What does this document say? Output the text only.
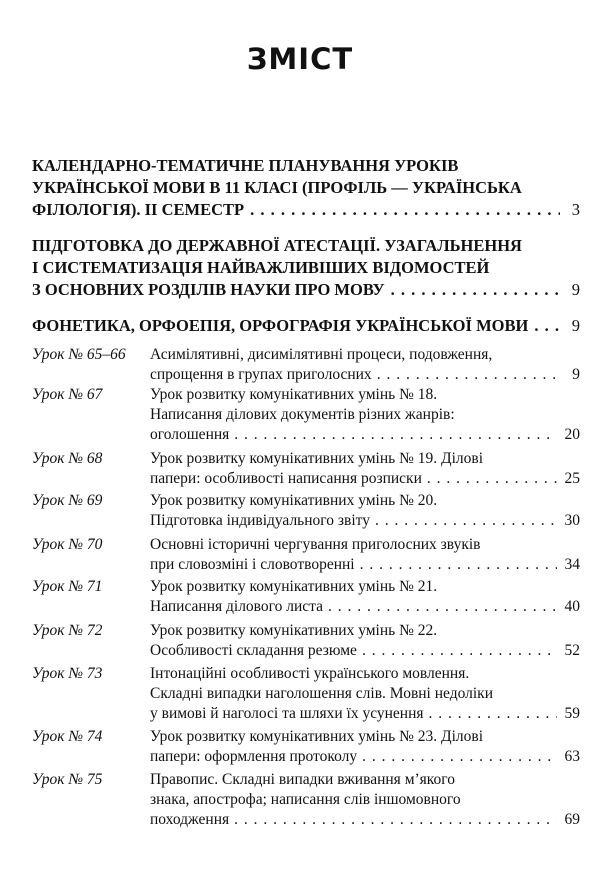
ЗМІСТ
КАЛЕНДАРНО-ТЕМАТИЧНЕ ПЛАНУВАННЯ УРОКІВ
УКРАЇНСЬКОЇ МОВИ В 11 КЛАСІ (ПРОФІЛЬ — УКРАЇНСЬКА
ФІЛОЛОГІЯ). ІІ СЕМЕСТР . . .	3
ПІДГОТОВКА ДО ДЕРЖАВНОЇ АТЕСТАЦІЇ. УЗАГАЛЬНЕННЯ
І СИСТЕМАТИЗАЦІЯ НАЙВАЖЛИВІШИХ ВІДОМОСТЕЙ
З ОСНОВНИХ РОЗДІЛІВ НАУКИ ПРО МОВУ . . .	9
ФОНЕТИКА, ОРФОЕПІЯ, ОРФОГРАФІЯ УКРАЇНСЬКОЇ МОВИ . . .	9
Урок № 65–66 Асимілятивні, дисимілятивні процеси, подовження,
спрощення в групах приголосних . . .	9
Урок № 67	Урок розвитку комунікативних умінь № 18.
Написання ділових документів різних жанрів:
оголошення . . .	20
Урок № 68	Урок розвитку комунікативних умінь № 19. Ділові
папери: особливості написання розписки . . .	25
Урок № 69	Урок розвитку комунікативних умінь № 20.
Підготовка індивідуального звіту . . .	30
Урок № 70	Основні історичні чергування приголосних звуків
при словозміні і словотворенні . . .	34
Урок № 71	Урок розвитку комунікативних умінь № 21.
Написання ділового листа . . .	40
Урок № 72	Урок розвитку комунікативних умінь № 22.
Особливості складання резюме . . .	52
Урок № 73	Інтонаційні особливості українського мовлення.
Складні випадки наголошення слів. Мовні недоліки
у вимові й наголосі та шляхи їх усунення . . .	59
Урок № 74	Урок розвитку комунікативних умінь № 23. Ділові
папери: оформлення протоколу . . .	63
Урок № 75	Правопис. Складні випадки вживання м’якого
знака, апострофа; написання слів іншомовного
походження . . .	69
